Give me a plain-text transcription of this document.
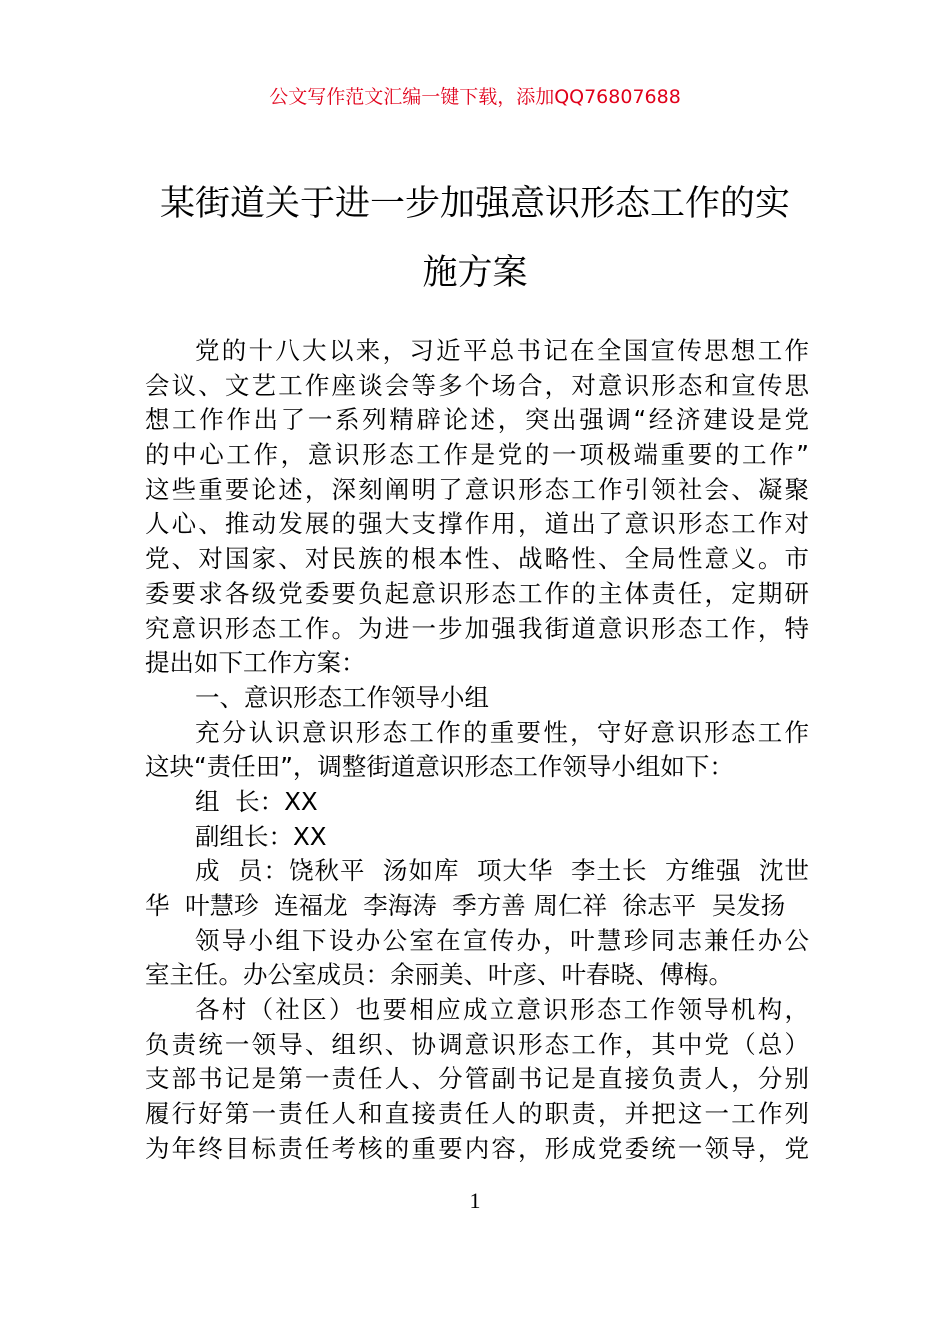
公文写作范文汇编一键下载，添加QQ76807688
某街道关于进一步加强意识形态工作的实
施方案
党的十八大以来，习近平总书记在全国宣传思想工作
会议、文艺工作座谈会等多个场合，对意识形态和宣传思
想工作作出了一系列精辟论述，突出强调“经济建设是党
的中心工作，意识形态工作是党的一项极端重要的工作”
这些重要论述，深刻阐明了意识形态工作引领社会、凝聚
人心、推动发展的强大支撑作用，道出了意识形态工作对
党、对国家、对民族的根本性、战略性、全局性意义。市
委要求各级党委要负起意识形态工作的主体责任，定期研
究意识形态工作。为进一步加强我街道意识形态工作，特
提出如下工作方案：
一、意识形态工作领导小组
充分认识意识形态工作的重要性，守好意识形态工作
这块“责任田”，调整街道意识形态工作领导小组如下：
组  长：XX
副组长：XX
成  员：饶秋平  汤如库  项大华  李土长  方维强  沈世
华  叶慧珍  连福龙  李海涛  季方善 周仁祥  徐志平  吴发扬
领导小组下设办公室在宣传办，叶慧珍同志兼任办公
室主任。办公室成员：余丽美、叶彦、叶春晓、傅梅。
各村（社区）也要相应成立意识形态工作领导机构，
负责统一领导、组织、协调意识形态工作，其中党（总）
支部书记是第一责任人、分管副书记是直接负责人，分别
履行好第一责任人和直接责任人的职责，并把这一工作列
为年终目标责任考核的重要内容，形成党委统一领导，党
1
